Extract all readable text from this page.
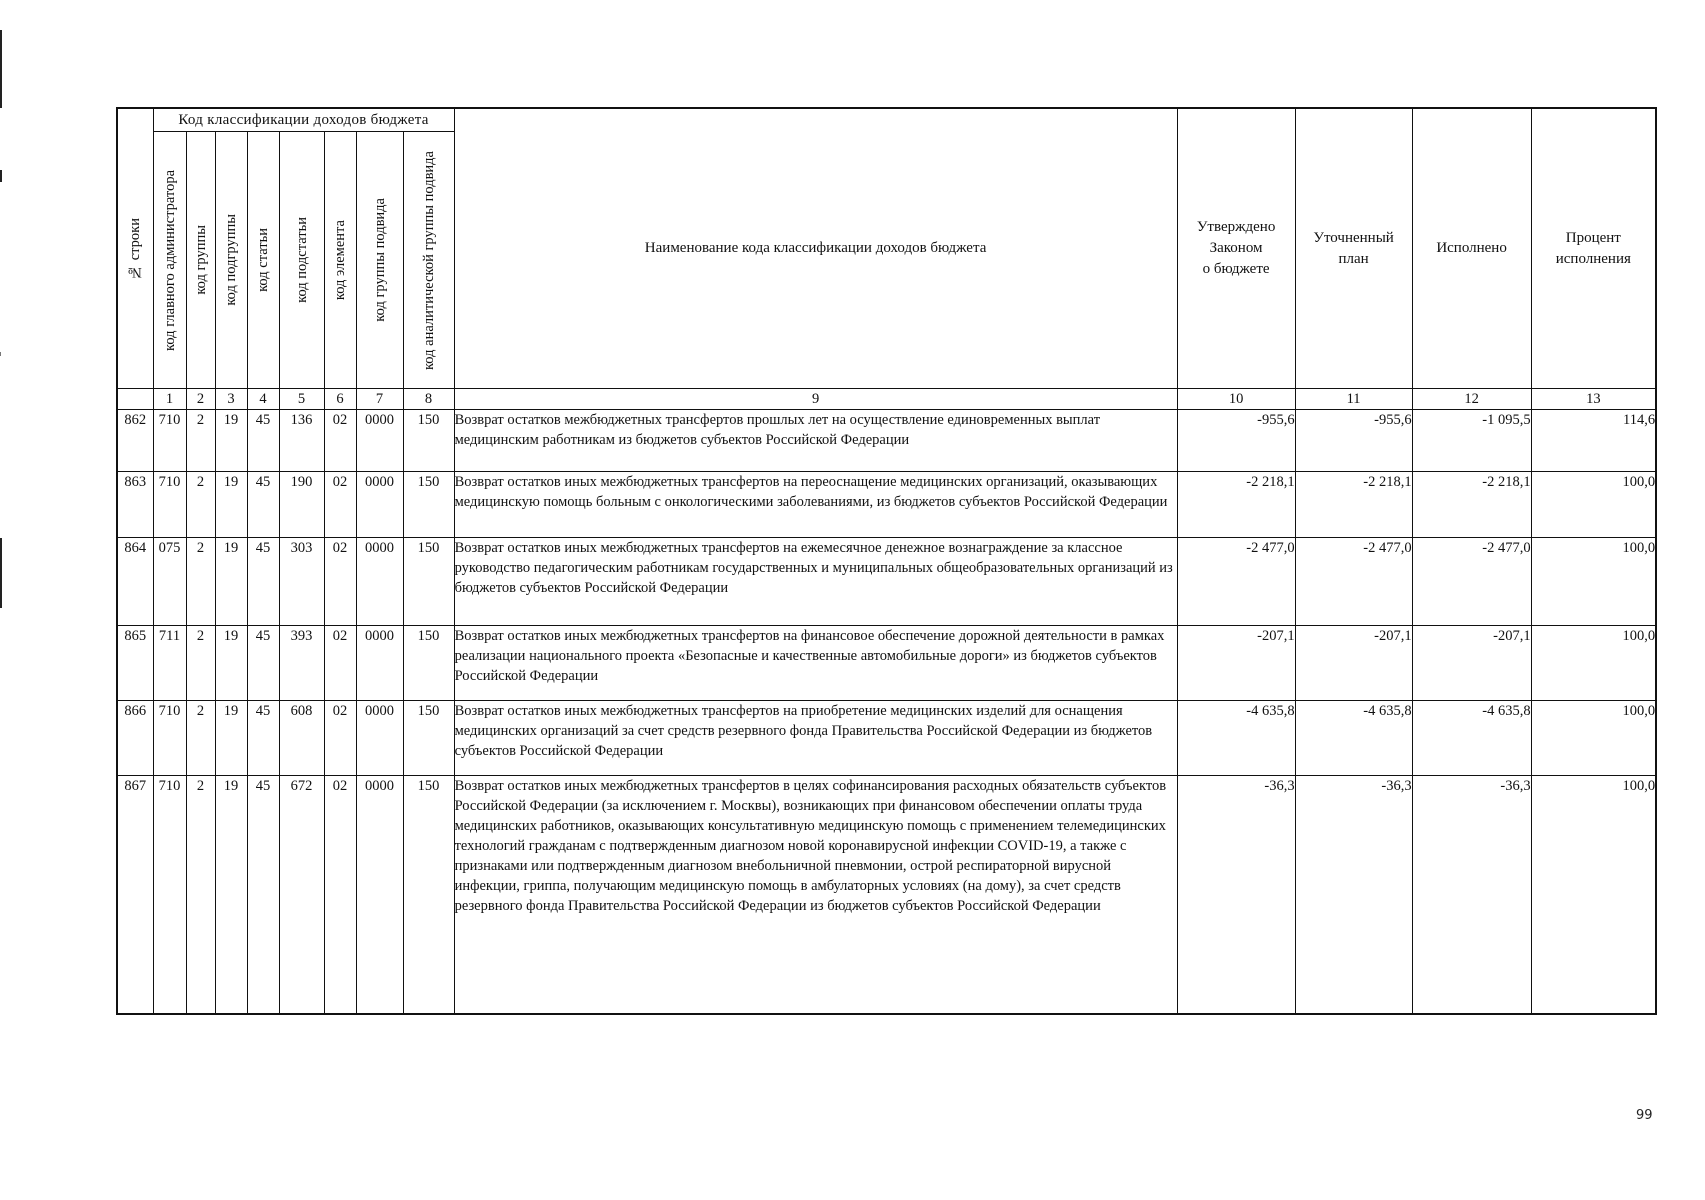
№ строки	Код классификации доходов бюджета								Наименование кода классификации доходов бюджета	Утверждено
Законом
о бюджете	Уточненный
план	Исполнено	Процент
исполнения

	код главного администратора	код группы	код подгруппы	код статьи	код подстатьи	код элемента	код группы подвида	код аналитической группы подвида					

	1	2	3	4	5	6	7	8	9	10	11	12	13
862	710	2	19	45	136	02	0000	150	Возврат остатков межбюджетных трансфертов прошлых лет на осуществление единовременных выплат медицинским работникам из бюджетов субъектов Российской Федерации	-955,6	-955,6	-1 095,5	114,6
863	710	2	19	45	190	02	0000	150	Возврат остатков иных межбюджетных трансфертов на переоснащение медицинских организаций, оказывающих медицинскую помощь больным с онкологическими заболеваниями, из бюджетов субъектов Российской Федерации	-2 218,1	-2 218,1	-2 218,1	100,0
864	075	2	19	45	303	02	0000	150	Возврат остатков иных межбюджетных трансфертов на ежемесячное денежное вознаграждение за классное руководство педагогическим работникам государственных и муниципальных общеобразовательных организаций из бюджетов субъектов Российской Федерации	-2 477,0	-2 477,0	-2 477,0	100,0
865	711	2	19	45	393	02	0000	150	Возврат остатков иных межбюджетных трансфертов на финансовое обеспечение дорожной деятельности в рамках реализации национального проекта «Безопасные и качественные автомобильные дороги» из бюджетов субъектов Российской Федерации	-207,1	-207,1	-207,1	100,0
866	710	2	19	45	608	02	0000	150	Возврат остатков иных межбюджетных трансфертов на приобретение медицинских изделий для оснащения медицинских организаций за счет средств резервного фонда Правительства Российской Федерации из бюджетов субъектов Российской Федерации	-4 635,8	-4 635,8	-4 635,8	100,0
867	710	2	19	45	672	02	0000	150	Возврат остатков иных межбюджетных трансфертов в целях софинансирования расходных обязательств субъектов Российской Федерации (за исключением г. Москвы), возникающих при финансовом обеспечении оплаты труда медицинских работников, оказывающих консультативную медицинскую помощь с применением телемедицинских технологий гражданам с подтвержденным диагнозом новой коронавирусной инфекции COVID-19, а также с признаками или подтвержденным диагнозом внебольничной пневмонии, острой респираторной вирусной инфекции, гриппа, получающим медицинскую помощь в амбулаторных условиях (на дому), за счет средств резервного фонда Правительства Российской Федерации из бюджетов субъектов Российской Федерации	-36,3	-36,3	-36,3	100,0
99
